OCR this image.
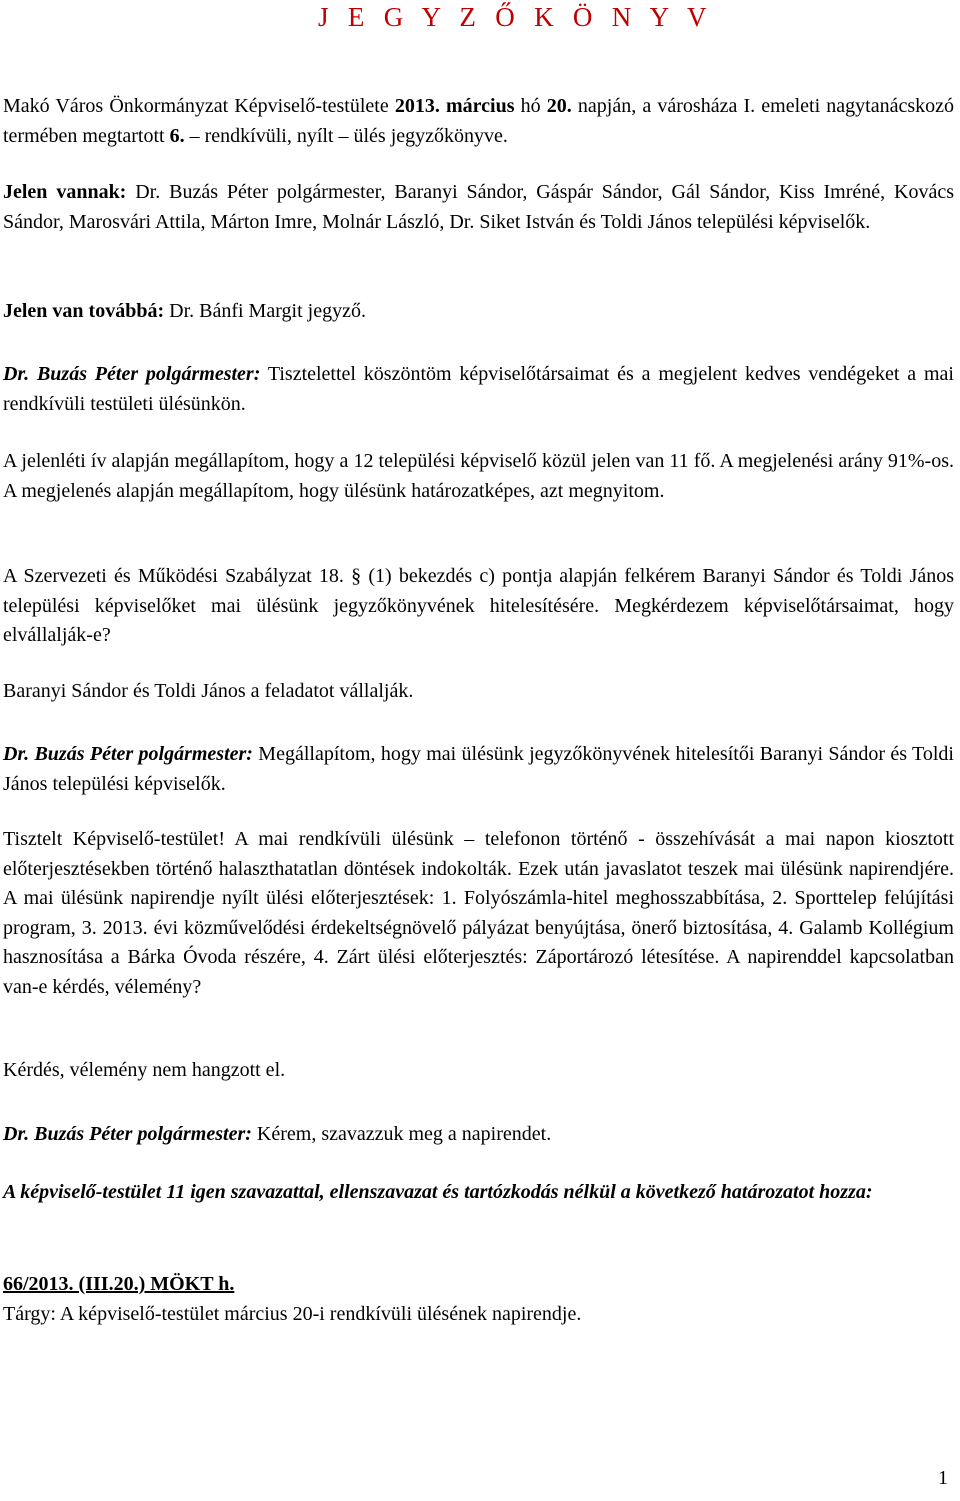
J E G Y Z Ő K Ö N Y V
Makó Város Önkormányzat Képviselő-testülete 2013. március hó 20. napján, a városháza I. emeleti nagytanácskozó termében megtartott 6. – rendkívüli, nyílt – ülés jegyzőkönyve.
Jelen vannak: Dr. Buzás Péter polgármester, Baranyi Sándor, Gáspár Sándor, Gál Sándor, Kiss Imréné, Kovács Sándor, Marosvári Attila, Márton Imre, Molnár László, Dr. Siket István és Toldi János települési képviselők.
Jelen van továbbá: Dr. Bánfi Margit jegyző.
Dr. Buzás Péter polgármester: Tisztelettel köszöntöm képviselőtársaimat és a megjelent kedves vendégeket a mai rendkívüli testületi ülésünkön.
A jelenléti ív alapján megállapítom, hogy a 12 települési képviselő közül jelen van 11 fő. A megjelenési arány 91%-os. A megjelenés alapján megállapítom, hogy ülésünk határozatképes, azt megnyitom.
A Szervezeti és Működési Szabályzat 18. § (1) bekezdés c) pontja alapján felkérem Baranyi Sándor és Toldi János települési képviselőket mai ülésünk jegyzőkönyvének hitelesítésére. Megkérdezem képviselőtársaimat, hogy elvállalják-e?
Baranyi Sándor és Toldi János a feladatot vállalják.
Dr. Buzás Péter polgármester: Megállapítom, hogy mai ülésünk jegyzőkönyvének hitelesítői Baranyi Sándor és Toldi János települési képviselők.
Tisztelt Képviselő-testület! A mai rendkívüli ülésünk – telefonon történő - összehívását a mai napon kiosztott előterjesztésekben történő halaszthatatlan döntések indokolták. Ezek után javaslatot teszek mai ülésünk napirendjére. A mai ülésünk napirendje nyílt ülési előterjesztések: 1. Folyószámla-hitel meghosszabbítása, 2. Sporttelep felújítási program, 3. 2013. évi közművelődési érdekeltségnövelő pályázat benyújtása, önerő biztosítása, 4. Galamb Kollégium hasznosítása a Bárka Óvoda részére, 4. Zárt ülési előterjesztés: Záportározó létesítése. A napirenddel kapcsolatban van-e kérdés, vélemény?
Kérdés, vélemény nem hangzott el.
Dr. Buzás Péter polgármester: Kérem, szavazzuk meg a napirendet.
A képviselő-testület 11 igen szavazattal, ellenszavazat és tartózkodás nélkül a következő határozatot hozza:
66/2013. (III.20.) MÖKT h.
Tárgy: A képviselő-testület március 20-i rendkívüli ülésének napirendje.
1
